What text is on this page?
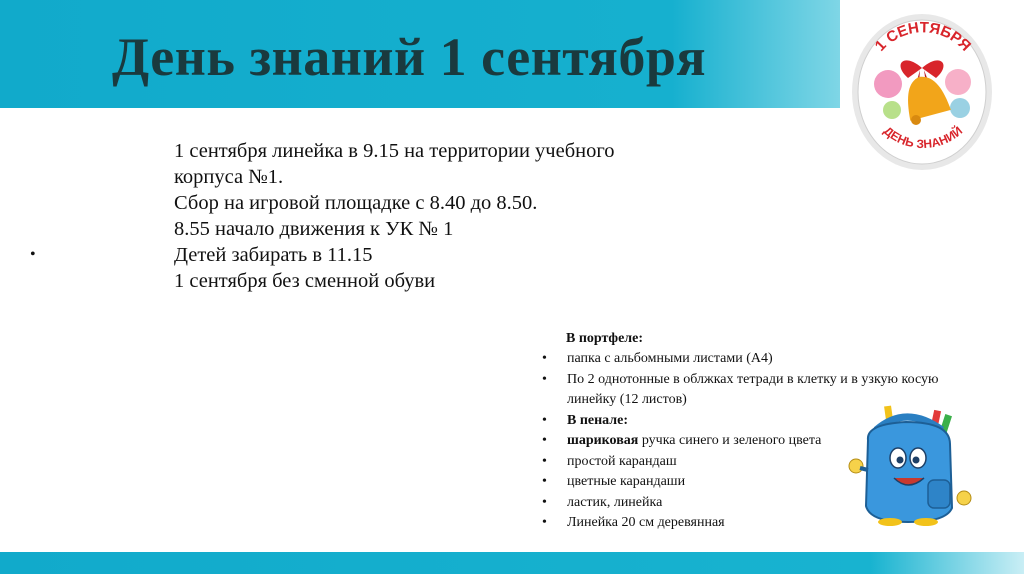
День знаний 1 сентября	1 СЕНТЯБРЯ
ДЕНЬ ЗНАНИЙ
•
1 сентября линейка в 9.15 на территории учебного
корпуса №1.
Сбор на игровой площадке с 8.40 до 8.50.
8.55 начало движения к УК № 1
Детей забирать в 11.15
1 сентября без сменной обуви
В портфеле:
• папка с альбомными листами (А4)
• По 2 однотонные в облжках тетради в клетку и в узкую косую линейку (12 листов)
• В пенале:
• шариковая ручка синего и зеленого цвета
• простой карандаш
• цветные карандаши
• ластик, линейка
• Линейка 20 см деревянная
